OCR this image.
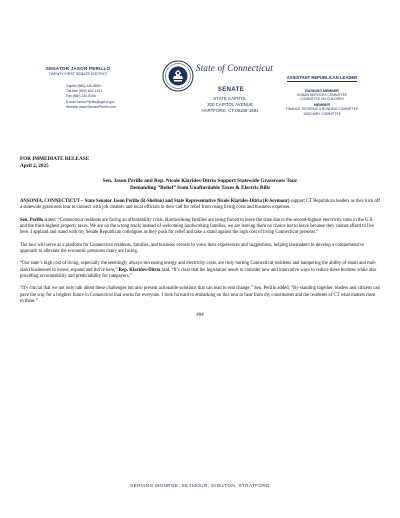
SENATOR JASON PERILLO
TWENTY-FIRST SENATE DISTRICT
Capitol (860) 240-8800
Toll-free (800) 842-1421
Fax (860) 240-8306
E-mail Jason.Perillo@cga.ct.gov
Website www.SenatorPerillo.com
State of Connecticut
SENATE
STATE CAPITOL
300 CAPITOL AVENUE
HARTFORD, CT 06106-1591
ASSISTANT REPUBLICAN LEADER
RANKING MEMBER
HUMAN SERVICES COMMITTEE
COMMITTEE ON CHILDREN
MEMBER
FINANCE, REVENUE & BONDING COMMITTEE
JUDICIARY COMMITTEE
FOR IMMEDIATE RELEASE
April 2, 2025
Sen. Jason Perillo and Rep. Nicole Klarides-Ditria Support Statewide Grassroots Tour
Demanding “Relief” from Unaffordable Taxes & Electric Bills

ANSONIA, CONNECTICUT – State Senator Jason Perillo (R-Shelton) and State Representative Nicole Klarides-Ditria (R-Seymour) support CT Republican leaders as they kick off a statewide grassroots tour to connect with job creators and local officials in their call for relief from rising living costs and business expenses.

Sen. Perillo stated, “Connecticut residents are facing an affordability crisis. Hardworking families are being forced to leave the state due to the second-highest electricity rates in the U.S. and the third-highest property taxes. We are on the wrong track; instead of welcoming hardworking families, we are leaving them no choice but to leave because they cannot afford to live here. I applaud and stand with my Senate Republican colleagues as they push for relief and take a stand against the high cost of living Connecticut presents.”

The tour will serve as a platform for Connecticut residents, families, and business owners to voice their experiences and suggestions, helping lawmakers to develop a comprehensive approach to alleviate the economic pressures many are facing.

“Our state’s high cost of living, especially the seemingly always-increasing energy and electricity costs, are truly hurting Connecticut residents and hampering the ability of small and mid-sized businesses to invest, expand and thrive here,” Rep. Klarides-Ditria said. “It’s clear that the legislature needs to consider new and innovative ways to reduce these burdens while also providing accountability and predictability for ratepayers.”

“It’s crucial that we not only talk about these challenges but also present actionable solutions that can lead to real change,” Sen. Perillo added, “By standing together, leaders and citizens can pave the way for a brighter future in Connecticut that works for everyone. I look forward to embarking on this tour to hear from my constituents and the residents of CT what matters most to them.”

###
SERVING MONROE, SEYMOUR, SHELTON, STRATFORD
